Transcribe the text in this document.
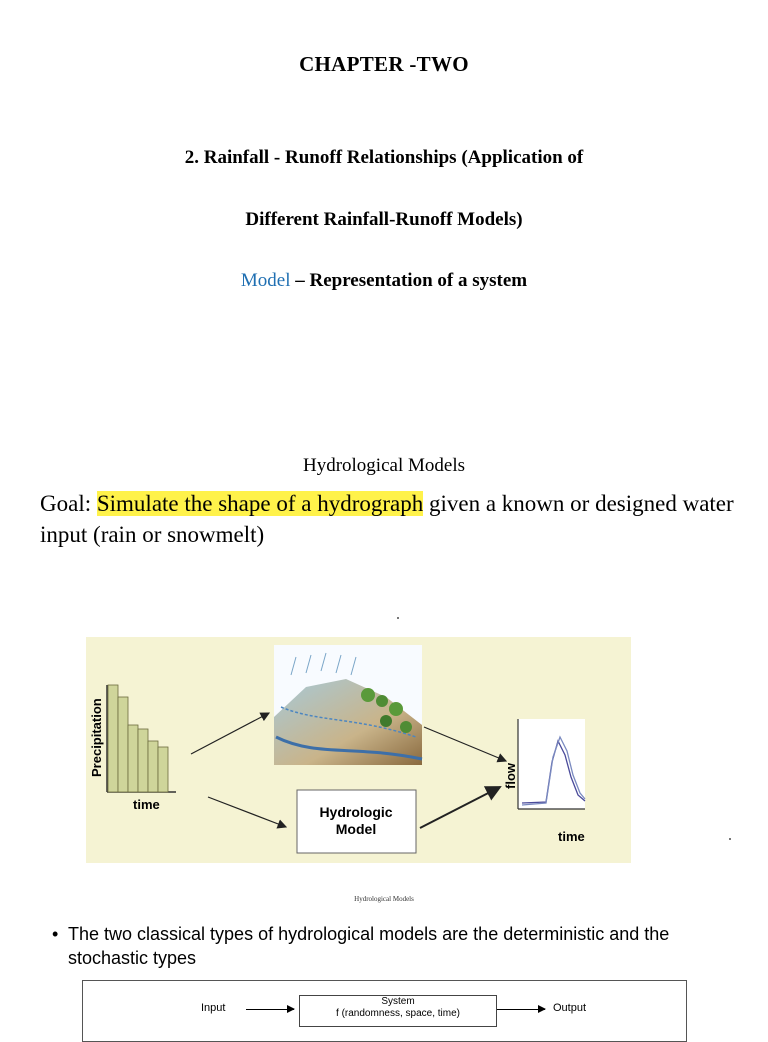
CHAPTER -TWO
2. Rainfall - Runoff Relationships (Application of
Different Rainfall-Runoff Models)
Model – Representation of a system
Hydrological Models
Goal: Simulate the shape of a hydrograph given a known or designed water input (rain or snowmelt)
Precipitation
time	Hydrologic
Model
flow
time
Hydrological Models
• The two classical types of hydrological models are the deterministic and the stochastic types
Input
System
f (randomness, space, time)	Output
